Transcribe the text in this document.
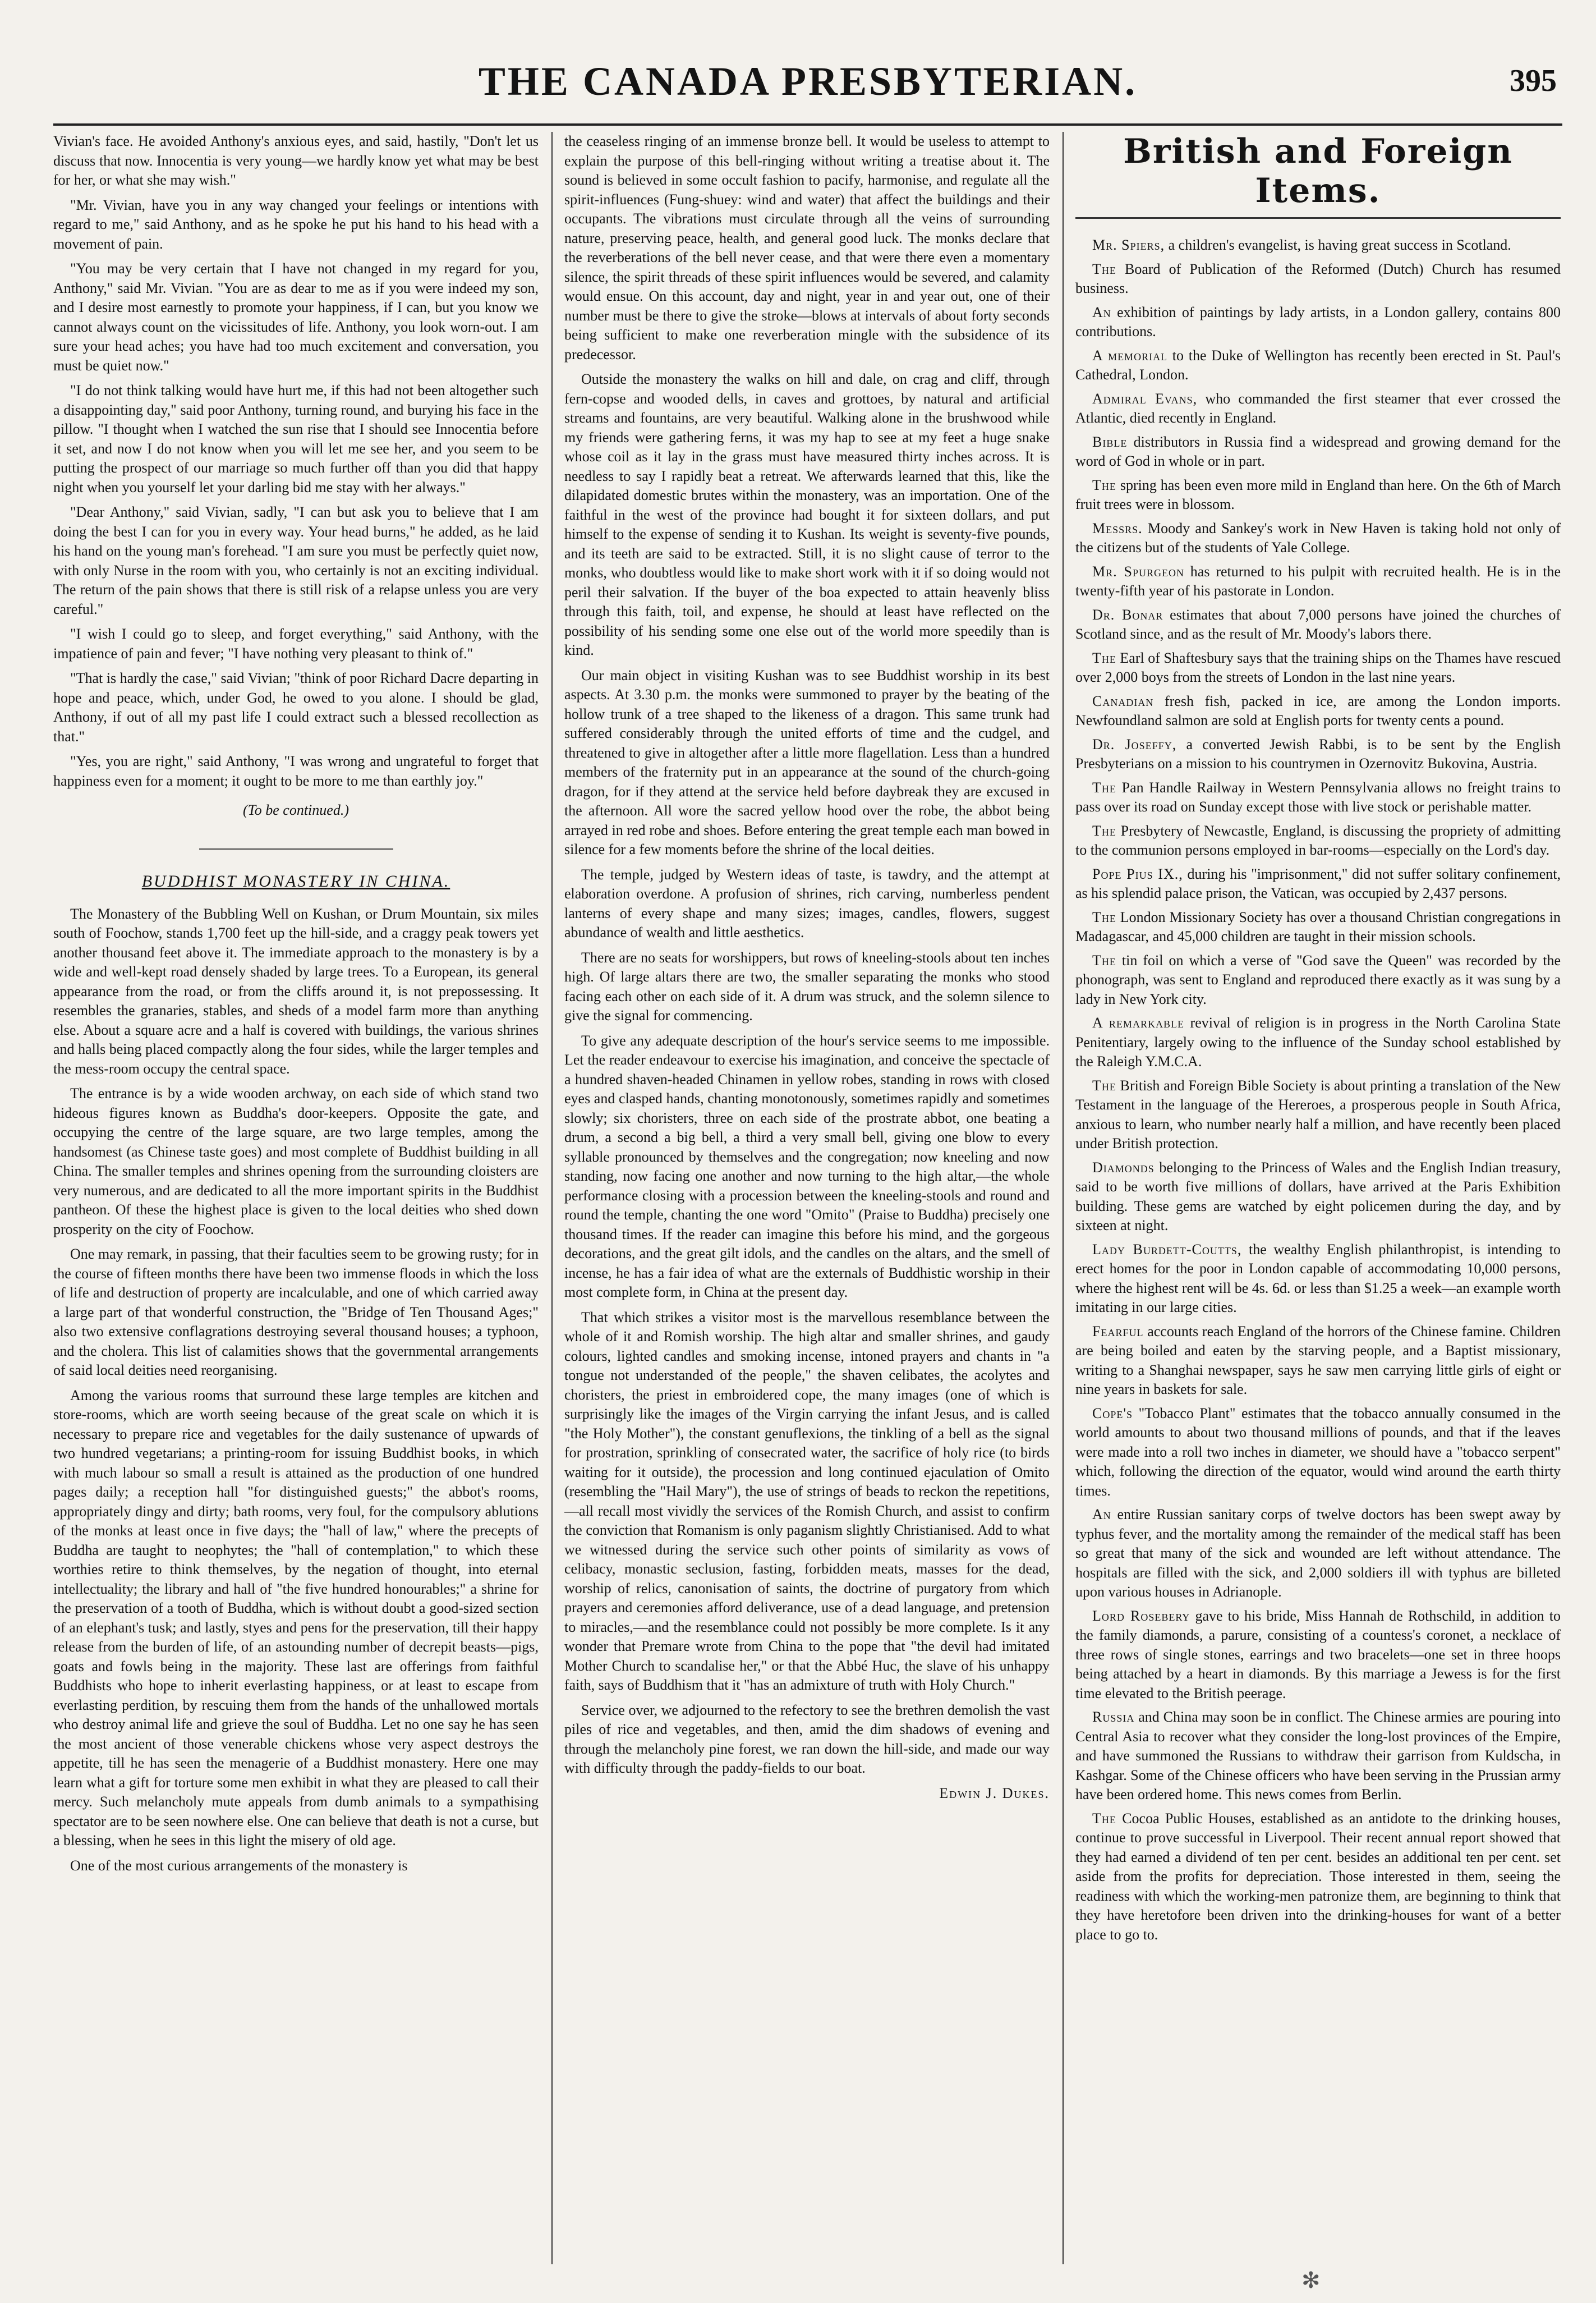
THE CANADA PRESBYTERIAN.	395

Vivian's face. He avoided Anthony's anxious eyes, and said, hastily, "Don't let us discuss that now. Innocentia is very young—we hardly know yet what may be best for her, or what she may wish."

"Mr. Vivian, have you in any way changed your feelings or intentions with regard to me," said Anthony, and as he spoke he put his hand to his head with a movement of pain.

"You may be very certain that I have not changed in my regard for you, Anthony," said Mr. Vivian. "You are as dear to me as if you were indeed my son, and I desire most earnestly to promote your happiness, if I can, but you know we cannot always count on the vicissitudes of life. Anthony, you look worn-out. I am sure your head aches; you have had too much excitement and conversation, you must be quiet now."

"I do not think talking would have hurt me, if this had not been altogether such a disappointing day," said poor Anthony, turning round, and burying his face in the pillow. "I thought when I watched the sun rise that I should see Innocentia before it set, and now I do not know when you will let me see her, and you seem to be putting the prospect of our marriage so much further off than you did that happy night when you yourself let your darling bid me stay with her always."

"Dear Anthony," said Vivian, sadly, "I can but ask you to believe that I am doing the best I can for you in every way. Your head burns," he added, as he laid his hand on the young man's forehead. "I am sure you must be perfectly quiet now, with only Nurse in the room with you, who certainly is not an exciting individual. The return of the pain shows that there is still risk of a relapse unless you are very careful."

"I wish I could go to sleep, and forget everything," said Anthony, with the impatience of pain and fever; "I have nothing very pleasant to think of."

"That is hardly the case," said Vivian; "think of poor Richard Dacre departing in hope and peace, which, under God, he owed to you alone. I should be glad, Anthony, if out of all my past life I could extract such a blessed recollection as that."

"Yes, you are right," said Anthony, "I was wrong and ungrateful to forget that happiness even for a moment; it ought to be more to me than earthly joy."

(To be continued.)

BUDDHIST MONASTERY IN CHINA.

The Monastery of the Bubbling Well on Kushan, or Drum Mountain, six miles south of Foochow, stands 1,700 feet up the hill-side, and a craggy peak towers yet another thousand feet above it. The immediate approach to the monastery is by a wide and well-kept road densely shaded by large trees. To a European, its general appearance from the road, or from the cliffs around it, is not prepossessing. It resembles the granaries, stables, and sheds of a model farm more than anything else. About a square acre and a half is covered with buildings, the various shrines and halls being placed compactly along the four sides, while the larger temples and the mess-room occupy the central space.

The entrance is by a wide wooden archway, on each side of which stand two hideous figures known as Buddha's door-keepers. Opposite the gate, and occupying the centre of the large square, are two large temples, among the handsomest (as Chinese taste goes) and most complete of Buddhist building in all China. The smaller temples and shrines opening from the surrounding cloisters are very numerous, and are dedicated to all the more important spirits in the Buddhist pantheon. Of these the highest place is given to the local deities who shed down prosperity on the city of Foochow.

One may remark, in passing, that their faculties seem to be growing rusty; for in the course of fifteen months there have been two immense floods in which the loss of life and destruction of property are incalculable, and one of which carried away a large part of that wonderful construction, the "Bridge of Ten Thousand Ages;" also two extensive conflagrations destroying several thousand houses; a typhoon, and the cholera. This list of calamities shows that the governmental arrangements of said local deities need reorganising.

Among the various rooms that surround these large temples are kitchen and store-rooms, which are worth seeing because of the great scale on which it is necessary to prepare rice and vegetables for the daily sustenance of upwards of two hundred vegetarians; a printing-room for issuing Buddhist books, in which with much labour so small a result is attained as the production of one hundred pages daily; a reception hall "for distinguished guests;" the abbot's rooms, appropriately dingy and dirty; bath rooms, very foul, for the compulsory ablutions of the monks at least once in five days; the "hall of law," where the precepts of Buddha are taught to neophytes; the "hall of contemplation," to which these worthies retire to think themselves, by the negation of thought, into eternal intellectuality; the library and hall of "the five hundred honourables;" a shrine for the preservation of a tooth of Buddha, which is without doubt a good-sized section of an elephant's tusk; and lastly, styes and pens for the preservation, till their happy release from the burden of life, of an astounding number of decrepit beasts—pigs, goats and fowls being in the majority. These last are offerings from faithful Buddhists who hope to inherit everlasting happiness, or at least to escape from everlasting perdition, by rescuing them from the hands of the unhallowed mortals who destroy animal life and grieve the soul of Buddha. Let no one say he has seen the most ancient of those venerable chickens whose very aspect destroys the appetite, till he has seen the menagerie of a Buddhist monastery. Here one may learn what a gift for torture some men exhibit in what they are pleased to call their mercy. Such melancholy mute appeals from dumb animals to a sympathising spectator are to be seen nowhere else. One can believe that death is not a curse, but a blessing, when he sees in this light the misery of old age.

One of the most curious arrangements of the monastery is

the ceaseless ringing of an immense bronze bell. It would be useless to attempt to explain the purpose of this bell-ringing without writing a treatise about it. The sound is believed in some occult fashion to pacify, harmonise, and regulate all the spirit-influences (Fung-shuey: wind and water) that affect the buildings and their occupants. The vibrations must circulate through all the veins of surrounding nature, preserving peace, health, and general good luck. The monks declare that the reverberations of the bell never cease, and that were there even a momentary silence, the spirit threads of these spirit influences would be severed, and calamity would ensue. On this account, day and night, year in and year out, one of their number must be there to give the stroke—blows at intervals of about forty seconds being sufficient to make one reverberation mingle with the subsidence of its predecessor.

Outside the monastery the walks on hill and dale, on crag and cliff, through fern-copse and wooded dells, in caves and grottoes, by natural and artificial streams and fountains, are very beautiful. Walking alone in the brushwood while my friends were gathering ferns, it was my hap to see at my feet a huge snake whose coil as it lay in the grass must have measured thirty inches across. It is needless to say I rapidly beat a retreat. We afterwards learned that this, like the dilapidated domestic brutes within the monastery, was an importation. One of the faithful in the west of the province had bought it for sixteen dollars, and put himself to the expense of sending it to Kushan. Its weight is seventy-five pounds, and its teeth are said to be extracted. Still, it is no slight cause of terror to the monks, who doubtless would like to make short work with it if so doing would not peril their salvation. If the buyer of the boa expected to attain heavenly bliss through this faith, toil, and expense, he should at least have reflected on the possibility of his sending some one else out of the world more speedily than is kind.

Our main object in visiting Kushan was to see Buddhist worship in its best aspects. At 3.30 p.m. the monks were summoned to prayer by the beating of the hollow trunk of a tree shaped to the likeness of a dragon. This same trunk had suffered considerably through the united efforts of time and the cudgel, and threatened to give in altogether after a little more flagellation. Less than a hundred members of the fraternity put in an appearance at the sound of the church-going dragon, for if they attend at the service held before daybreak they are excused in the afternoon. All wore the sacred yellow hood over the robe, the abbot being arrayed in red robe and shoes. Before entering the great temple each man bowed in silence for a few moments before the shrine of the local deities.

The temple, judged by Western ideas of taste, is tawdry, and the attempt at elaboration overdone. A profusion of shrines, rich carving, numberless pendent lanterns of every shape and many sizes; images, candles, flowers, suggest abundance of wealth and little aesthetics.

There are no seats for worshippers, but rows of kneeling-stools about ten inches high. Of large altars there are two, the smaller separating the monks who stood facing each other on each side of it. A drum was struck, and the solemn silence to give the signal for commencing.

To give any adequate description of the hour's service seems to me impossible. Let the reader endeavour to exercise his imagination, and conceive the spectacle of a hundred shaven-headed Chinamen in yellow robes, standing in rows with closed eyes and clasped hands, chanting monotonously, sometimes rapidly and sometimes slowly; six choristers, three on each side of the prostrate abbot, one beating a drum, a second a big bell, a third a very small bell, giving one blow to every syllable pronounced by themselves and the congregation; now kneeling and now standing, now facing one another and now turning to the high altar,—the whole performance closing with a procession between the kneeling-stools and round and round the temple, chanting the one word "Omito" (Praise to Buddha) precisely one thousand times. If the reader can imagine this before his mind, and the gorgeous decorations, and the great gilt idols, and the candles on the altars, and the smell of incense, he has a fair idea of what are the externals of Buddhistic worship in their most complete form, in China at the present day.

That which strikes a visitor most is the marvellous resemblance between the whole of it and Romish worship. The high altar and smaller shrines, and gaudy colours, lighted candles and smoking incense, intoned prayers and chants in "a tongue not understanded of the people," the shaven celibates, the acolytes and choristers, the priest in embroidered cope, the many images (one of which is surprisingly like the images of the Virgin carrying the infant Jesus, and is called "the Holy Mother"), the constant genuflexions, the tinkling of a bell as the signal for prostration, sprinkling of consecrated water, the sacrifice of holy rice (to birds waiting for it outside), the procession and long continued ejaculation of Omito (resembling the "Hail Mary"), the use of strings of beads to reckon the repetitions,—all recall most vividly the services of the Romish Church, and assist to confirm the conviction that Romanism is only paganism slightly Christianised. Add to what we witnessed during the service such other points of similarity as vows of celibacy, monastic seclusion, fasting, forbidden meats, masses for the dead, worship of relics, canonisation of saints, the doctrine of purgatory from which prayers and ceremonies afford deliverance, use of a dead language, and pretension to miracles,—and the resemblance could not possibly be more complete. Is it any wonder that Premare wrote from China to the pope that "the devil had imitated Mother Church to scandalise her," or that the Abbé Huc, the slave of his unhappy faith, says of Buddhism that it "has an admixture of truth with Holy Church."

Service over, we adjourned to the refectory to see the brethren demolish the vast piles of rice and vegetables, and then, amid the dim shadows of evening and through the melancholy pine forest, we ran down the hill-side, and made our way with difficulty through the paddy-fields to our boat.

Edwin J. Dukes.

British and Foreign Items.

Mr. Spiers, a children's evangelist, is having great success in Scotland.

The Board of Publication of the Reformed (Dutch) Church has resumed business.

An exhibition of paintings by lady artists, in a London gallery, contains 800 contributions.

A memorial to the Duke of Wellington has recently been erected in St. Paul's Cathedral, London.

Admiral Evans, who commanded the first steamer that ever crossed the Atlantic, died recently in England.

Bible distributors in Russia find a widespread and growing demand for the word of God in whole or in part.

The spring has been even more mild in England than here. On the 6th of March fruit trees were in blossom.

Messrs. Moody and Sankey's work in New Haven is taking hold not only of the citizens but of the students of Yale College.

Mr. Spurgeon has returned to his pulpit with recruited health. He is in the twenty-fifth year of his pastorate in London.

Dr. Bonar estimates that about 7,000 persons have joined the churches of Scotland since, and as the result of Mr. Moody's labors there.

The Earl of Shaftesbury says that the training ships on the Thames have rescued over 2,000 boys from the streets of London in the last nine years.

Canadian fresh fish, packed in ice, are among the London imports. Newfoundland salmon are sold at English ports for twenty cents a pound.

Dr. Joseffy, a converted Jewish Rabbi, is to be sent by the English Presbyterians on a mission to his countrymen in Ozernovitz Bukovina, Austria.

The Pan Handle Railway in Western Pennsylvania allows no freight trains to pass over its road on Sunday except those with live stock or perishable matter.

The Presbytery of Newcastle, England, is discussing the propriety of admitting to the communion persons employed in bar-rooms—especially on the Lord's day.

Pope Pius IX., during his "imprisonment," did not suffer solitary confinement, as his splendid palace prison, the Vatican, was occupied by 2,437 persons.

The London Missionary Society has over a thousand Christian congregations in Madagascar, and 45,000 children are taught in their mission schools.

The tin foil on which a verse of "God save the Queen" was recorded by the phonograph, was sent to England and reproduced there exactly as it was sung by a lady in New York city.

A remarkable revival of religion is in progress in the North Carolina State Penitentiary, largely owing to the influence of the Sunday school established by the Raleigh Y.M.C.A.

The British and Foreign Bible Society is about printing a translation of the New Testament in the language of the Hereroes, a prosperous people in South Africa, anxious to learn, who number nearly half a million, and have recently been placed under British protection.

Diamonds belonging to the Princess of Wales and the English Indian treasury, said to be worth five millions of dollars, have arrived at the Paris Exhibition building. These gems are watched by eight policemen during the day, and by sixteen at night.

Lady Burdett-Coutts, the wealthy English philanthropist, is intending to erect homes for the poor in London capable of accommodating 10,000 persons, where the highest rent will be 4s. 6d. or less than $1.25 a week—an example worth imitating in our large cities.

Fearful accounts reach England of the horrors of the Chinese famine. Children are being boiled and eaten by the starving people, and a Baptist missionary, writing to a Shanghai newspaper, says he saw men carrying little girls of eight or nine years in baskets for sale.

Cope's "Tobacco Plant" estimates that the tobacco annually consumed in the world amounts to about two thousand millions of pounds, and that if the leaves were made into a roll two inches in diameter, we should have a "tobacco serpent" which, following the direction of the equator, would wind around the earth thirty times.

An entire Russian sanitary corps of twelve doctors has been swept away by typhus fever, and the mortality among the remainder of the medical staff has been so great that many of the sick and wounded are left without attendance. The hospitals are filled with the sick, and 2,000 soldiers ill with typhus are billeted upon various houses in Adrianople.

Lord Rosebery gave to his bride, Miss Hannah de Rothschild, in addition to the family diamonds, a parure, consisting of a countess's coronet, a necklace of three rows of single stones, earrings and two bracelets—one set in three hoops being attached by a heart in diamonds. By this marriage a Jewess is for the first time elevated to the British peerage.

Russia and China may soon be in conflict. The Chinese armies are pouring into Central Asia to recover what they consider the long-lost provinces of the Empire, and have summoned the Russians to withdraw their garrison from Kuldscha, in Kashgar. Some of the Chinese officers who have been serving in the Prussian army have been ordered home. This news comes from Berlin.

The Cocoa Public Houses, established as an antidote to the drinking houses, continue to prove successful in Liverpool. Their recent annual report showed that they had earned a dividend of ten per cent. besides an additional ten per cent. set aside from the profits for depreciation. Those interested in them, seeing the readiness with which the working-men patronize them, are beginning to think that they have heretofore been driven into the drinking-houses for want of a better place to go to.

✻
